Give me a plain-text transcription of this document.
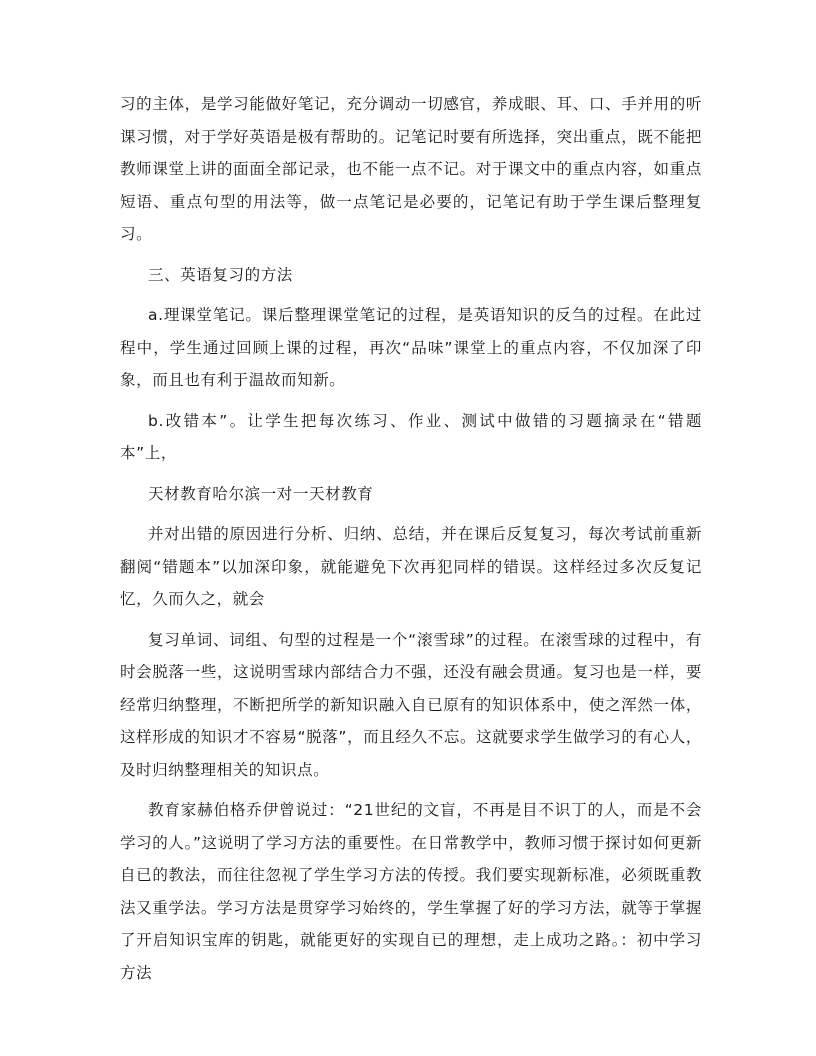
习的主体，是学习能做好笔记，充分调动一切感官，养成眼、耳、口、手并用的听课习惯，对于学好英语是极有帮助的。记笔记时要有所选择，突出重点，既不能把教师课堂上讲的面面全部记录，也不能一点不记。对于课文中的重点内容，如重点短语、重点句型的用法等，做一点笔记是必要的，记笔记有助于学生课后整理复习。

三、英语复习的方法

a.理课堂笔记。课后整理课堂笔记的过程，是英语知识的反刍的过程。在此过程中，学生通过回顾上课的过程，再次“品味”课堂上的重点内容，不仅加深了印象，而且也有利于温故而知新。

b.改错本”。让学生把每次练习、作业、测试中做错的习题摘录在“错题本”上，

天材教育哈尔滨一对一天材教育

并对出错的原因进行分析、归纳、总结，并在课后反复复习，每次考试前重新翻阅“错题本”以加深印象，就能避免下次再犯同样的错误。这样经过多次反复记忆，久而久之，就会

复习单词、词组、句型的过程是一个“滚雪球”的过程。在滚雪球的过程中，有时会脱落一些，这说明雪球内部结合力不强，还没有融会贯通。复习也是一样，要经常归纳整理，不断把所学的新知识融入自已原有的知识体系中，使之浑然一体，这样形成的知识才不容易“脱落”，而且经久不忘。这就要求学生做学习的有心人，及时归纳整理相关的知识点。

教育家赫伯格乔伊曾说过：“21世纪的文盲，不再是目不识丁的人，而是不会学习的人。”这说明了学习方法的重要性。在日常教学中，教师习惯于探讨如何更新自已的教法，而往往忽视了学生学习方法的传授。我们要实现新标准，必须既重教法又重学法。学习方法是贯穿学习始终的，学生掌握了好的学习方法，就等于掌握了开启知识宝库的钥匙，就能更好的实现自已的理想，走上成功之路。：初中学习方法
